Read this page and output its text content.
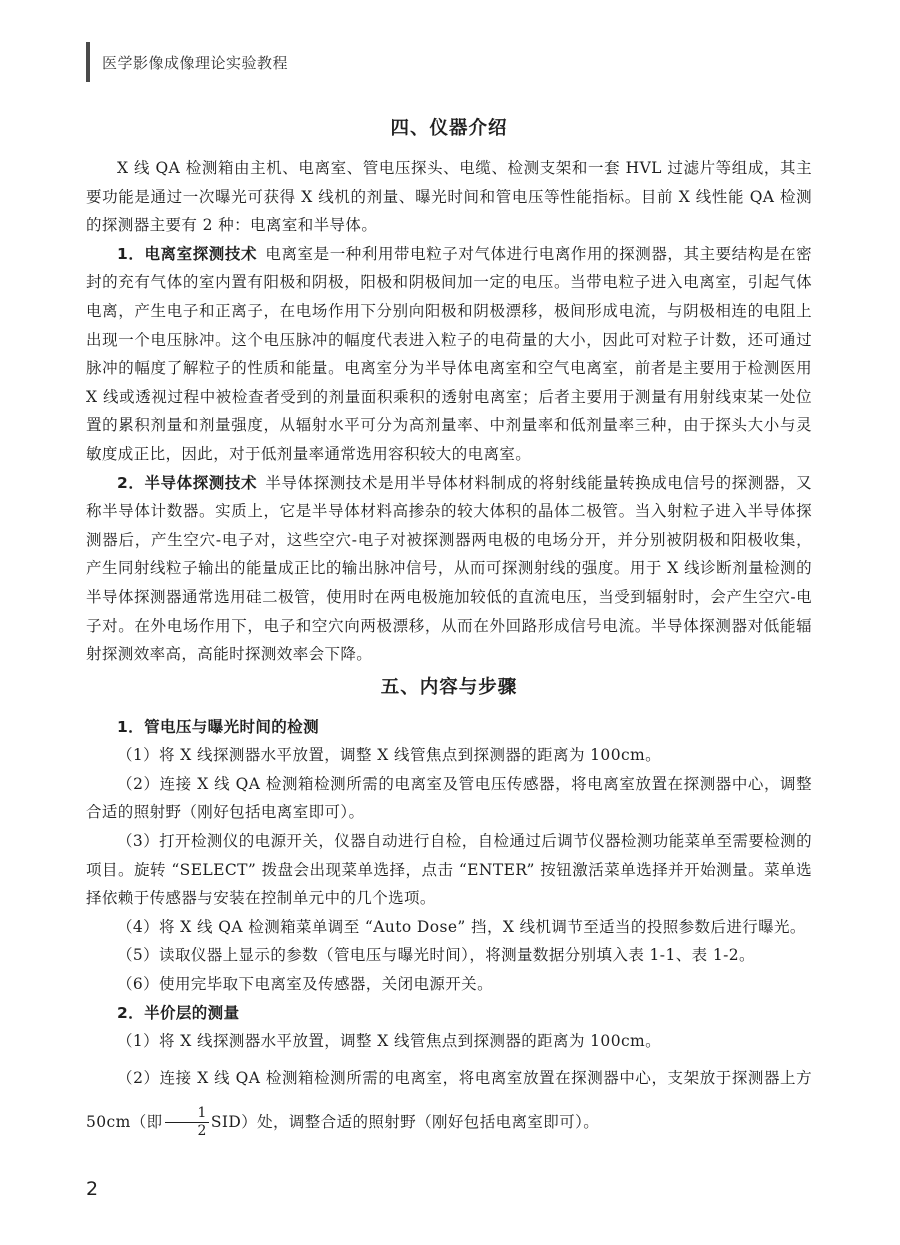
医学影像成像理论实验教程
四、仪器介绍

X 线 QA 检测箱由主机、电离室、管电压探头、电缆、检测支架和一套 HVL 过滤片等组成，其主要功能是通过一次曝光可获得 X 线机的剂量、曝光时间和管电压等性能指标。目前 X 线性能 QA 检测的探测器主要有 2 种：电离室和半导体。

1．电离室探测技术  电离室是一种利用带电粒子对气体进行电离作用的探测器，其主要结构是在密封的充有气体的室内置有阳极和阴极，阳极和阴极间加一定的电压。当带电粒子进入电离室，引起气体电离，产生电子和正离子，在电场作用下分别向阳极和阴极漂移，极间形成电流，与阴极相连的电阻上出现一个电压脉冲。这个电压脉冲的幅度代表进入粒子的电荷量的大小，因此可对粒子计数，还可通过脉冲的幅度了解粒子的性质和能量。电离室分为半导体电离室和空气电离室，前者是主要用于检测医用 X 线或透视过程中被检查者受到的剂量面积乘积的透射电离室；后者主要用于测量有用射线束某一处位置的累积剂量和剂量强度，从辐射水平可分为高剂量率、中剂量率和低剂量率三种，由于探头大小与灵敏度成正比，因此，对于低剂量率通常选用容积较大的电离室。

2．半导体探测技术  半导体探测技术是用半导体材料制成的将射线能量转换成电信号的探测器，又称半导体计数器。实质上，它是半导体材料高掺杂的较大体积的晶体二极管。当入射粒子进入半导体探测器后，产生空穴-电子对，这些空穴-电子对被探测器两电极的电场分开，并分别被阴极和阳极收集，产生同射线粒子输出的能量成正比的输出脉冲信号，从而可探测射线的强度。用于 X 线诊断剂量检测的半导体探测器通常选用硅二极管，使用时在两电极施加较低的直流电压，当受到辐射时，会产生空穴-电子对。在外电场作用下，电子和空穴向两极漂移，从而在外回路形成信号电流。半导体探测器对低能辐射探测效率高，高能时探测效率会下降。

五、内容与步骤

1．管电压与曝光时间的检测

（1）将 X 线探测器水平放置，调整 X 线管焦点到探测器的距离为 100cm。

（2）连接 X 线 QA 检测箱检测所需的电离室及管电压传感器，将电离室放置在探测器中心，调整合适的照射野（刚好包括电离室即可）。

（3）打开检测仪的电源开关，仪器自动进行自检，自检通过后调节仪器检测功能菜单至需要检测的项目。旋转 “SELECT” 拨盘会出现菜单选择，点击 “ENTER” 按钮激活菜单选择并开始测量。菜单选择依赖于传感器与安装在控制单元中的几个选项。

（4）将 X 线 QA 检测箱菜单调至 “Auto Dose” 挡，X 线机调节至适当的投照参数后进行曝光。

（5）读取仪器上显示的参数（管电压与曝光时间），将测量数据分别填入表 1-1、表 1-2。

（6）使用完毕取下电离室及传感器，关闭电源开关。

2．半价层的测量

（1）将 X 线探测器水平放置，调整 X 线管焦点到探测器的距离为 100cm。

（2）连接 X 线 QA 检测箱检测所需的电离室，将电离室放置在探测器中心，支架放于探测器上方 50cm（即 $\frac{1}{2} SID$）处，调整合适的照射野（刚好包括电离室即可）。

2
